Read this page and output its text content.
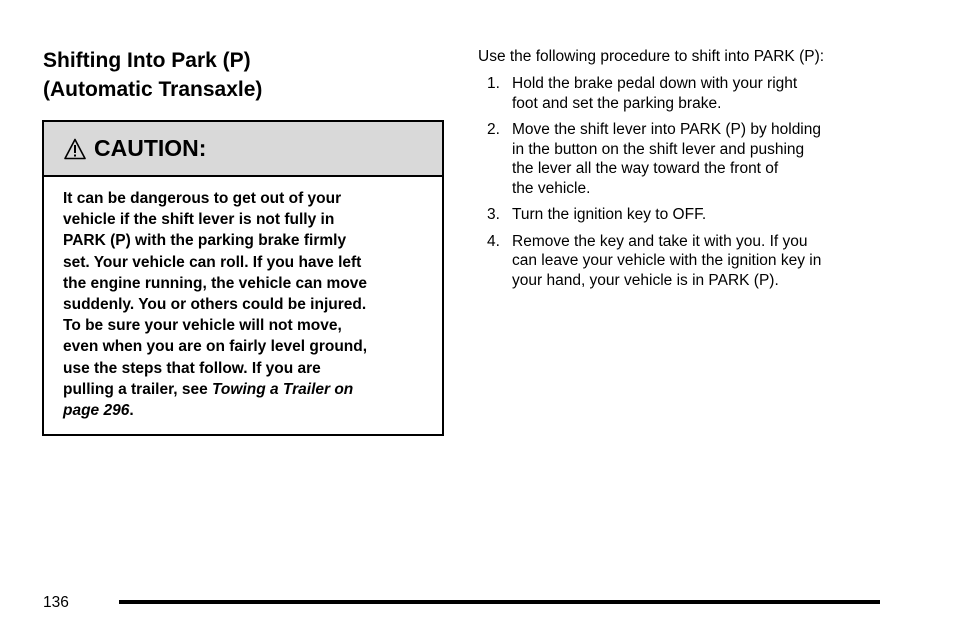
Shifting Into Park (P)
(Automatic Transaxle)
CAUTION:
It can be dangerous to get out of your
vehicle if the shift lever is not fully in
PARK (P) with the parking brake firmly
set. Your vehicle can roll. If you have left
the engine running, the vehicle can move
suddenly. You or others could be injured.
To be sure your vehicle will not move,
even when you are on fairly level ground,
use the steps that follow. If you are
pulling a trailer, see Towing a Trailer on
page 296.

Use the following procedure to shift into PARK (P):

1. Hold the brake pedal down with your right
foot and set the parking brake.
2. Move the shift lever into PARK (P) by holding
in the button on the shift lever and pushing
the lever all the way toward the front of
the vehicle.
3. Turn the ignition key to OFF.
4. Remove the key and take it with you. If you
can leave your vehicle with the ignition key in
your hand, your vehicle is in PARK (P).
136
